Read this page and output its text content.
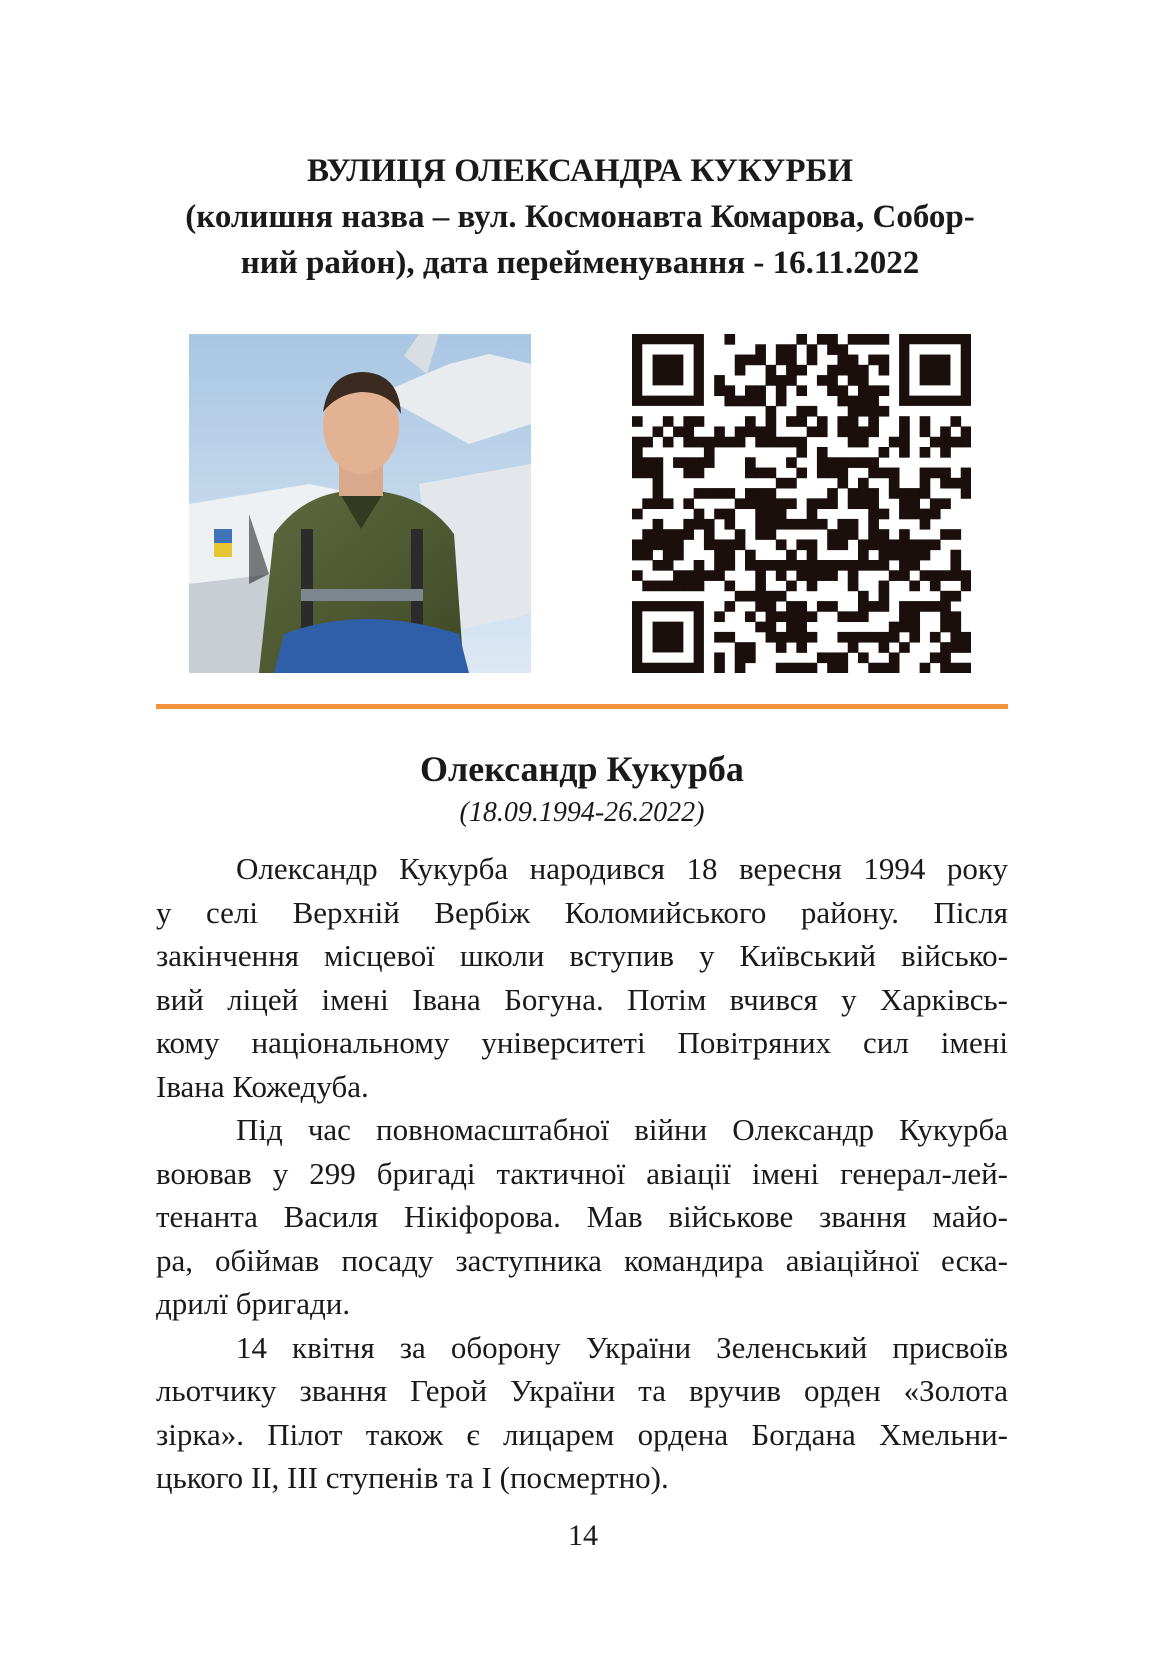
ВУЛИЦЯ ОЛЕКСАНДРА КУКУРБИ
(колишня назва – вул. Космонавта Комарова, Собор-
ний район), дата перейменування - 16.11.2022
Олександр Кукурба
(18.09.1994-26.2022)
Олександр Кукурба народився 18 вересня 1994 року
у селі Верхній Вербіж Коломийського району. Після
закінчення місцевої школи вступив у Київський військо-
вий ліцей імені Івана Богуна. Потім вчився у Харківсь-
кому національному університеті Повітряних сил імені
Івана Кожедуба.
Під час повномасштабної війни Олександр Кукурба
воював у 299 бригаді тактичної авіації імені генерал-лей-
тенанта Василя Нікіфорова. Мав військове звання майо-
ра, обіймав посаду заступника командира авіаційної еска-
дрилї бригади.
14 квітня за оборону України Зеленський присвоїв
льотчику звання Герой України та вручив орден «Золота
зірка». Пілот також є лицарем ордена Богдана Хмельни-
цького II, III ступенів та I (посмертно).
14
